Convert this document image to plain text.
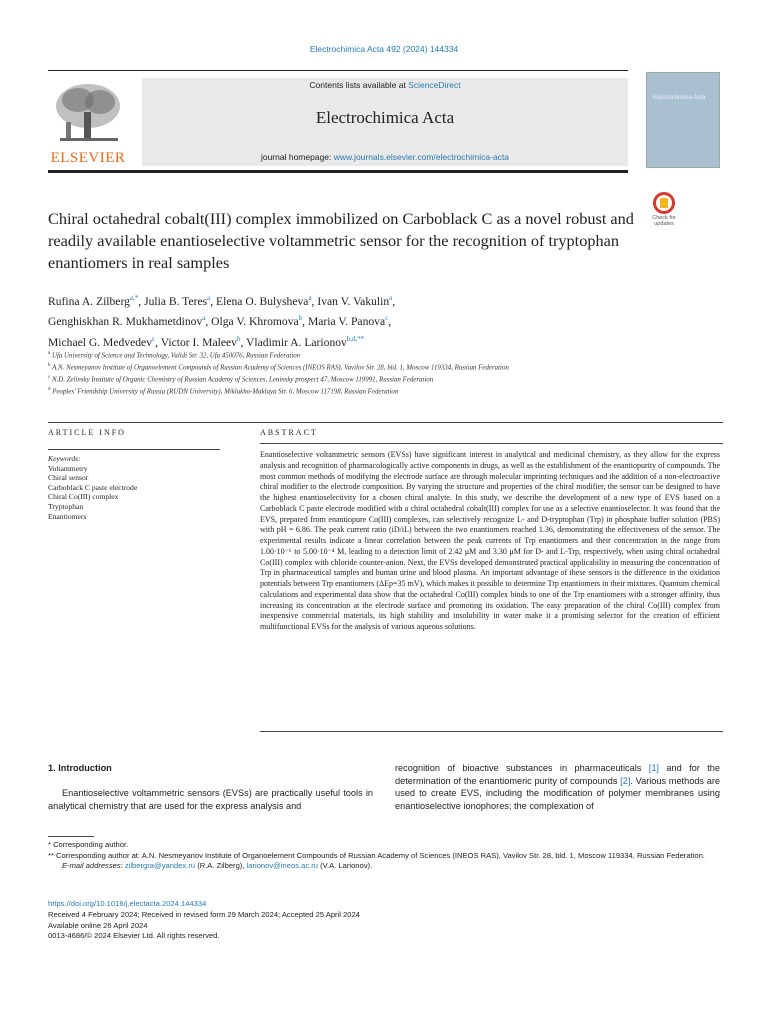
Electrochimica Acta 492 (2024) 144334
ELSEVIER
Contents lists available at ScienceDirect
Electrochimica Acta
journal homepage: www.journals.elsevier.com/electrochimica-acta
Electrochimica Acta
Chiral octahedral cobalt(III) complex immobilized on Carboblack C as a novel robust and readily available enantioselective voltammetric sensor for the recognition of tryptophan enantiomers in real samples
Check for updates
Rufina A. Zilberg$^{a,*}$, Julia B. Teres$^a$, Elena O. Bulysheva$^a$, Ivan V. Vakulin$^a$,
Genghiskhan R. Mukhametdinov$^a$, Olga V. Khromova$^b$, Maria V. Panova$^c$,
Michael G. Medvedev$^c$, Victor I. Maleev$^b$, Vladimir A. Larionov$^{b,d,**}$
$^a$ Ufa University of Science and Technology, Validi Str. 32, Ufa 450076, Russian Federation
$^b$ A.N. Nesmeyanov Institute of Organoelement Compounds of Russian Academy of Sciences (INEOS RAS), Vavilov Str. 28, bld. 1, Moscow 119334, Russian Federation
$^c$ N.D. Zelinsky Institute of Organic Chemistry of Russian Academy of Sciences, Leninsky prospect 47, Moscow 119991, Russian Federation
$^d$ Peoples’ Friendship University of Russia (RUDN University), Miklukho-Maklaya Str. 6, Moscow 117198, Russian Federation
ARTICLE INFO	ABSTRACT
Keywords:
Voltammetry
Chiral sensor
Carboblack C paste electrode
Chiral Co(III) complex
Tryptophan
Enantiomers
Enantioselective voltammetric sensors (EVSs) have significant interest in analytical and medicinal chemistry, as they allow for the express analysis and recognition of pharmacologically active components in drugs, as well as the establishment of the enantiopurity of compounds. The most common methods of modifying the electrode surface are through molecular imprinting techniques and the addition of a non-electroactive chiral modifier to the electrode composition. By varying the structure and properties of the chiral modifier, the sensor can be designed to have the highest enantioselectivity for a chosen chiral analyte. In this study, we describe the development of a new type of EVS based on a Carboblack C paste electrode modified with a chiral octahedral cobalt(III) complex for use as a selective enantioselector. It was found that the EVS, prepared from enantiopure Co(III) complexes, can selectively recognize L- and D-tryptophan (Trp) in phosphate buffer solution (PBS) with pH = 6.86. The peak current ratio (iD/iL) between the two enantiomers reached 1.36, demonstrating the effectiveness of the sensor. The experimental results indicate a linear correlation between the peak currents of Trp enantiomers and their concentration in the range from 1.00·10⁻⁶ to 5.00·10⁻⁴ M, leading to a detection limit of 2.42 μM and 3.30 μM for D- and L-Trp, respectively, when using chiral octahedral Co(III) complex with chloride counter-anion. Next, the EVSs developed demonstrated practical applicability in measuring the concentration of Trp in pharmaceutical samples and human urine and blood plasma. An important advantage of these sensors is the difference in the oxidation potentials between Trp enantiomers (ΔEp=35 mV), which makes it possible to determine Trp enantiomers in their mixtures. Quantum chemical calculations and experimental data show that the octahedral Co(III) complex binds to one of the Trp enantiomers with a stronger affinity, thus increasing its concentration at the electrode surface and promoting its oxidation. The easy preparation of the chiral Co(III) complex from inexpensive commercial materials, its high stability and insolubility in water make it a promising selector for the creation of efficient multifunctional EVSs for the analysis of various aqueous solutions.
1. Introduction
Enantioselective voltammetric sensors (EVSs) are practically useful tools in analytical chemistry that are used for the express analysis and
recognition of bioactive substances in pharmaceuticals [1] and for the determination of the enantiomeric purity of compounds [2]. Various methods are used to create EVS, including the modification of polymer membranes using enantioselective ionophores; the complexation of
* Corresponding author.
** Corresponding author at: A.N. Nesmeyanov Institute of Organoelement Compounds of Russian Academy of Sciences (INEOS RAS), Vavilov Str. 28, bld. 1, Moscow 119334, Russian Federation.
E-mail addresses: zilbergra@yandex.ru (R.A. Zilberg), larionov@ineos.ac.ru (V.A. Larionov).
https://doi.org/10.1016/j.electacta.2024.144334
Received 4 February 2024; Received in revised form 29 March 2024; Accepted 25 April 2024
Available online 26 April 2024
0013-4686/© 2024 Elsevier Ltd. All rights reserved.
